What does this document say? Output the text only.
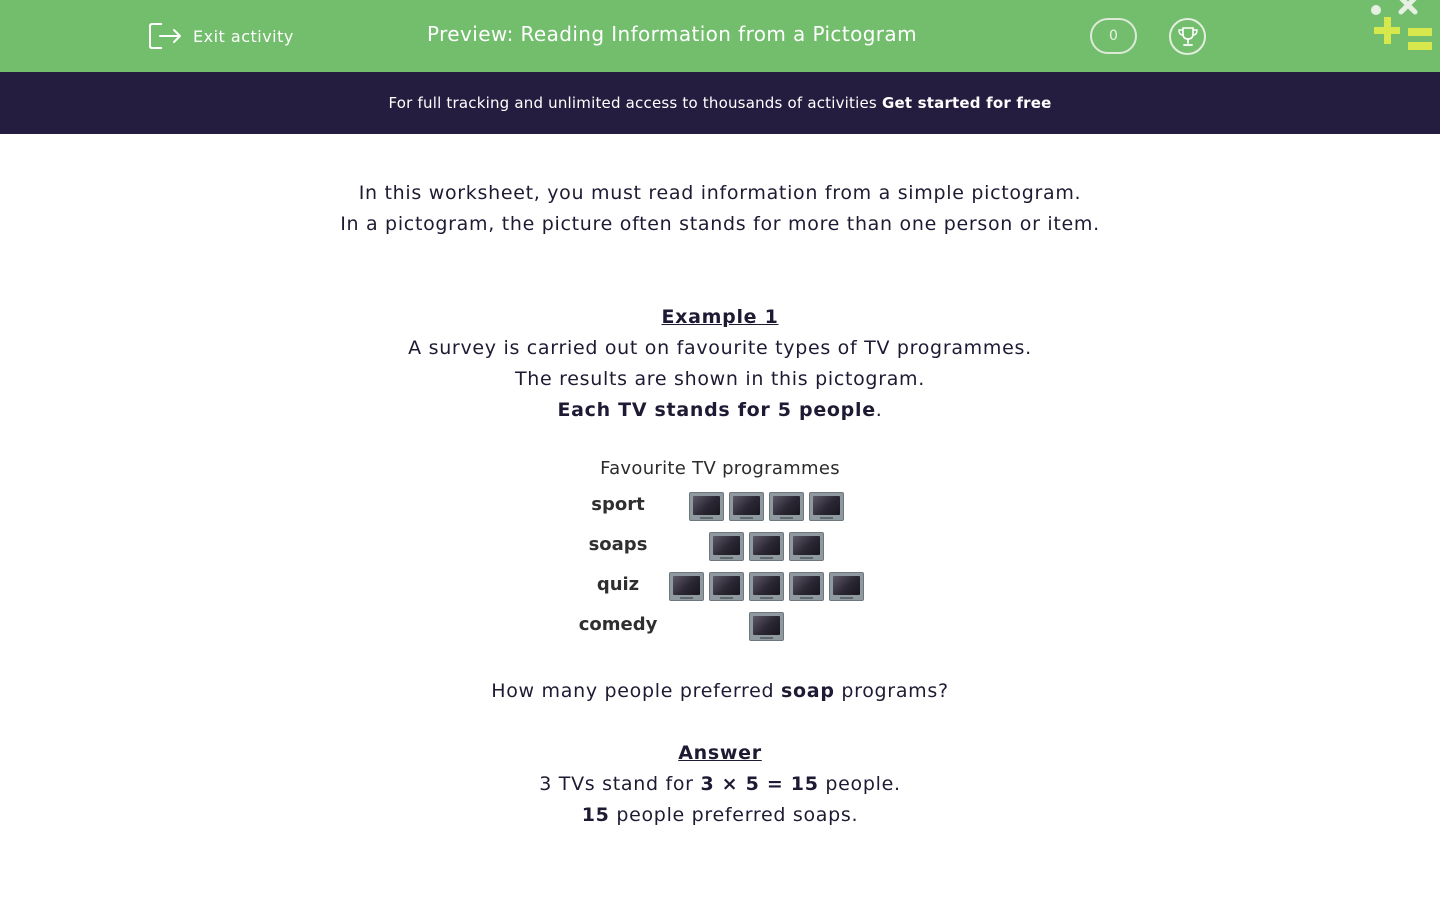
Exit activity	Preview: Reading Information from a Pictogram	0
For full tracking and unlimited access to thousands of activities Get started for free
In this worksheet, you must read information from a simple pictogram.
In a pictogram, the picture often stands for more than one person or item.
Example 1
A survey is carried out on favourite types of TV programmes.
The results are shown in this pictogram.
Each TV stands for 5 people.
Favourite TV programmes
sport
soaps
quiz
comedy
How many people preferred soap programs?
Answer
3 TVs stand for 3 × 5 = 15 people.
15 people preferred soaps.
